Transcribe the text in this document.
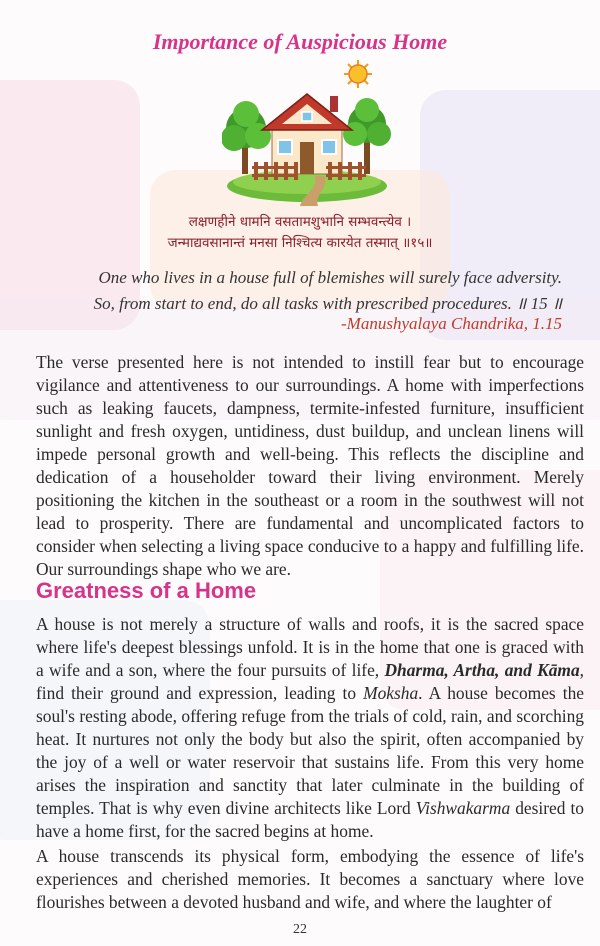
Importance of Auspicious Home
लक्षणहीने धामनि वसतामशुभानि सम्भवन्त्येव ।
जन्माद्यवसानान्तं मनसा निश्चित्य कारयेत तस्मात् ॥१५॥
One who lives in a house full of blemishes will surely face adversity.
So, from start to end, do all tasks with prescribed procedures. ॥ 15 ॥
-Manushyalaya Chandrika, 1.15

The verse presented here is not intended to instill fear but to encourage vigilance and attentiveness to our surroundings. A home with imperfections such as leaking faucets, dampness, termite-infested furniture, insufficient sunlight and fresh oxygen, untidiness, dust buildup, and unclean linens will impede personal growth and well-being. This reflects the discipline and dedication of a householder toward their living environment. Merely positioning the kitchen in the southeast or a room in the southwest will not lead to prosperity. There are fundamental and uncomplicated factors to consider when selecting a living space conducive to a happy and fulfilling life. Our surroundings shape who we are.

Greatness of a Home

A house is not merely a structure of walls and roofs, it is the sacred space where life's deepest blessings unfold. It is in the home that one is graced with a wife and a son, where the four pursuits of life, Dharma, Artha, and Kāma, find their ground and expression, leading to Moksha. A house becomes the soul's resting abode, offering refuge from the trials of cold, rain, and scorching heat. It nurtures not only the body but also the spirit, often accompanied by the joy of a well or water reservoir that sustains life. From this very home arises the inspiration and sanctity that later culminate in the building of temples. That is why even divine architects like Lord Vishwakarma desired to have a home first, for the sacred begins at home.

A house transcends its physical form, embodying the essence of life's experiences and cherished memories. It becomes a sanctuary where love flourishes between a devoted husband and wife, and where the laughter of

22
